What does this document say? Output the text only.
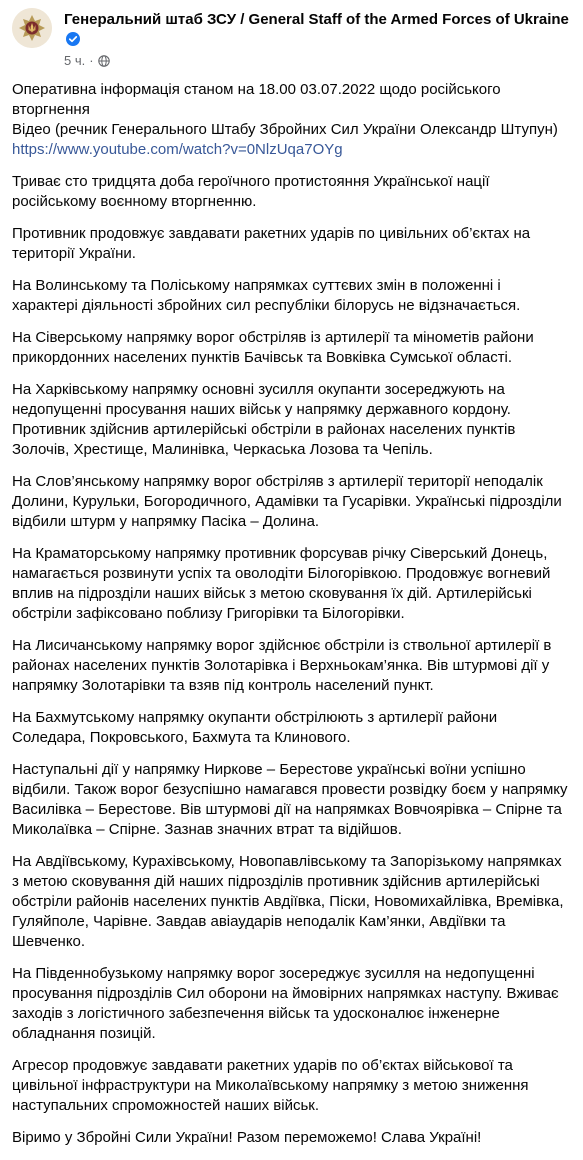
Генеральний штаб ЗСУ / General Staff of the Armed Forces of Ukraine
5 ч. ·
Оперативна інформація станом на 18.00 03.07.2022 щодо російського вторгнення
Відео (речник Генерального Штабу Збройних Сил України Олександр Штупун)
https://www.youtube.com/watch?v=0NlzUqa7OYg

Триває сто тридцята доба героїчного протистояння Української нації російському воєнному вторгненню.

Противник продовжує завдавати ракетних ударів по цивільних об’єктах на території України.

На Волинському та Поліському напрямках суттєвих змін в положенні і характері діяльності збройних сил республіки білорусь не відзначається.

На Сіверському напрямку ворог обстріляв із артилерії та мінометів райони прикордонних населених пунктів Бачівськ та Вовківка Сумської області.

На Харківському напрямку основні зусилля окупанти зосереджують на недопущенні просування наших військ у напрямку державного кордону. Противник здійснив артилерійські обстріли в районах населених пунктів Золочів, Хрестище, Малинівка, Черкаська Лозова та Чепіль.

На Слов’янському напрямку ворог обстріляв з артилерії території неподалік Долини, Курульки, Богородичного, Адамівки та Гусарівки. Українські підрозділи відбили штурм у напрямку Пасіка – Долина.

На Краматорському напрямку противник форсував річку Сіверський Донець, намагається розвинути успіх та оволодіти Білогорівкою. Продовжує вогневий вплив на підрозділи наших військ з метою сковування їх дій. Артилерійські обстріли зафіксовано поблизу Григорівки та Білогорівки.

На Лисичанському напрямку ворог здійснює обстріли із ствольної артилерії в районах населених пунктів Золотарівка і Верхньокам’янка. Вів штурмові дії у напрямку Золотарівки та взяв під контроль населений пункт.

На Бахмутському напрямку окупанти обстрілюють з артилерії райони Соледара, Покровського, Бахмута та Клинового.

Наступальні дії у напрямку Ниркове – Берестове українські воїни успішно відбили. Також ворог безуспішно намагався провести розвідку боєм у напрямку Василівка – Берестове. Вів штурмові дії на напрямках Вовчоярівка – Спірне та Миколаївка – Спірне. Зазнав значних втрат та відійшов.

На Авдіївському, Курахівському, Новопавлівському та Запорізькому напрямках з метою сковування дій наших підрозділів противник здійснив артилерійські обстріли районів населених пунктів Авдіївка, Піски, Новомихайлівка, Времівка, Гуляйполе, Чарівне. Завдав авіаударів неподалік Кам’янки, Авдіївки та Шевченко.

На Південнобузькому напрямку ворог зосереджує зусилля на недопущенні просування підрозділів Сил оборони на ймовірних напрямках наступу. Вживає заходів з логістичного забезпечення військ та удосконалює інженерне обладнання позицій.

Агресор продовжує завдавати ракетних ударів по об’єктах військової та цивільної інфраструктури на Миколаївському напрямку з метою зниження наступальних спроможностей наших військ.

Віримо у Збройні Сили України! Разом переможемо! Слава Україні!
